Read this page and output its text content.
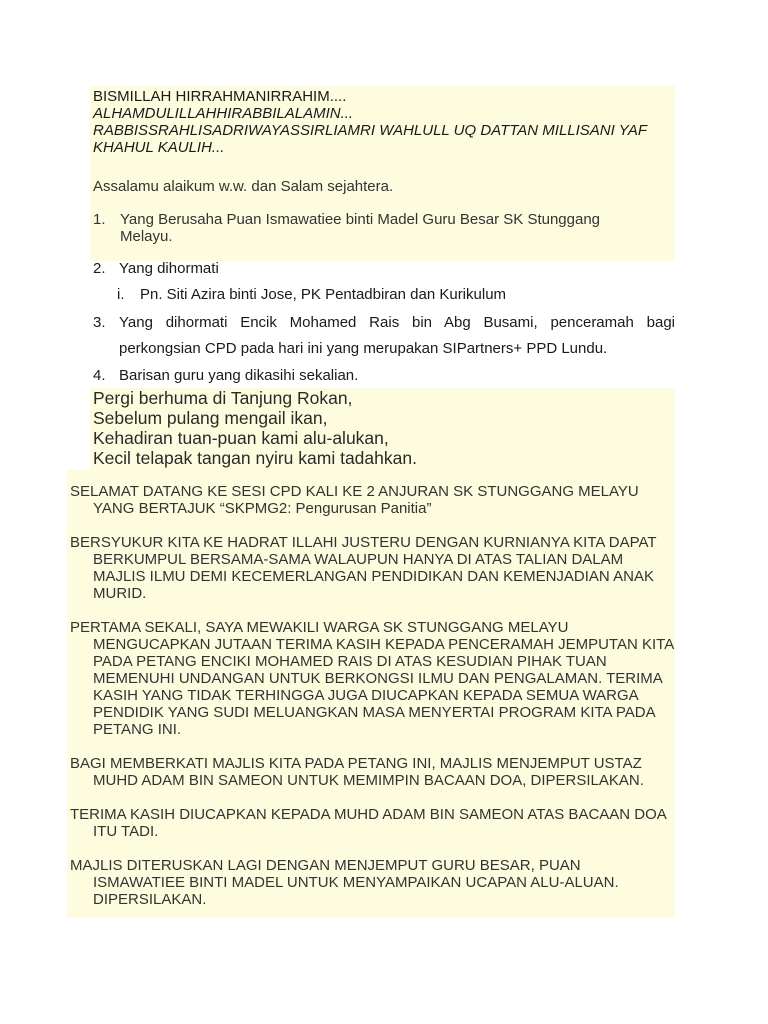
BISMILLAH HIRRAHMANIRRAHIM....

ALHAMDULILLAHHIRABBILALAMIN...

RABBISSRAHLISADRIWAYASSIRLIAMRI WAHLULL UQ DATTAN MILLISANI YAF

KHAHUL KAULIH...

Assalamu alaikum w.w. dan Salam sejahtera.

1. Yang Berusaha Puan Ismawatiee binti Madel Guru Besar SK Stunggang
Melayu.
2. Yang dihormati
i. Pn. Siti Azira binti Jose, PK Pentadbiran dan Kurikulum
3. Yang dihormati Encik Mohamed Rais bin Abg Busami, penceramah bagi
perkongsian CPD pada hari ini yang merupakan SIPartners+ PPD Lundu.
4. Barisan guru yang dikasihi sekalian.

Pergi berhuma di Tanjung Rokan,

Sebelum pulang mengail ikan,

Kehadiran tuan-puan kami alu-alukan,

Kecil telapak tangan nyiru kami tadahkan.

SELAMAT DATANG KE SESI CPD KALI KE 2 ANJURAN SK STUNGGANG MELAYU YANG BERTAJUK “SKPMG2: Pengurusan Panitia”

BERSYUKUR KITA KE HADRAT ILLAHI JUSTERU DENGAN KURNIANYA KITA DAPAT BERKUMPUL BERSAMA-SAMA WALAUPUN HANYA DI ATAS TALIAN DALAM MAJLIS ILMU DEMI KECEMERLANGAN PENDIDIKAN DAN KEMENJADIAN ANAK MURID.

PERTAMA SEKALI, SAYA MEWAKILI WARGA SK STUNGGANG MELAYU MENGUCAPKAN JUTAAN TERIMA KASIH KEPADA PENCERAMAH JEMPUTAN KITA PADA PETANG ENCIKI MOHAMED RAIS DI ATAS KESUDIAN PIHAK TUAN MEMENUHI UNDANGAN UNTUK BERKONGSI ILMU DAN PENGALAMAN. TERIMA KASIH YANG TIDAK TERHINGGA JUGA DIUCAPKAN KEPADA SEMUA WARGA PENDIDIK YANG SUDI MELUANGKAN MASA MENYERTAI PROGRAM KITA PADA PETANG INI.

BAGI MEMBERKATI MAJLIS KITA PADA PETANG INI, MAJLIS MENJEMPUT USTAZ MUHD ADAM BIN SAMEON UNTUK MEMIMPIN BACAAN DOA, DIPERSILAKAN.

TERIMA KASIH DIUCAPKAN KEPADA MUHD ADAM BIN SAMEON ATAS BACAAN DOA ITU TADI.

MAJLIS DITERUSKAN LAGI DENGAN MENJEMPUT GURU BESAR, PUAN ISMAWATIEE BINTI MADEL UNTUK MENYAMPAIKAN UCAPAN ALU-ALUAN. DIPERSILAKAN.
